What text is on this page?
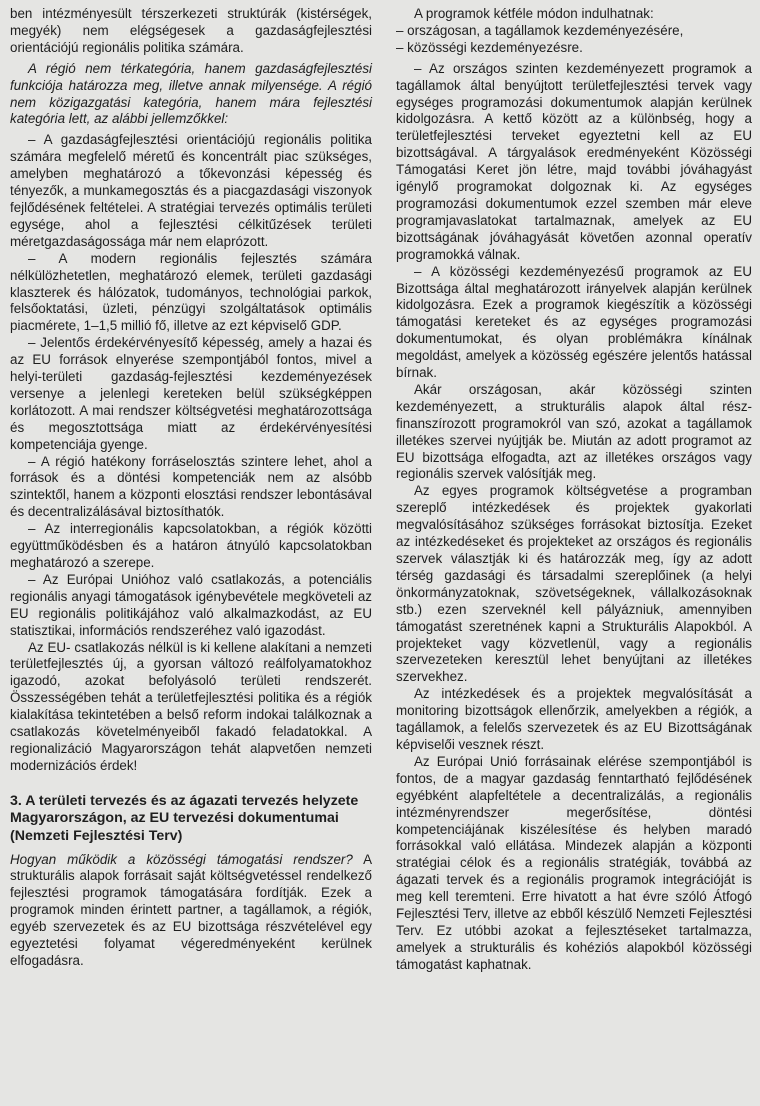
ben intézményesült térszerkezeti struktúrák (kistérségek, megyék) nem elégségesek a gazdaságfejlesztési orientációjú regionális politika számára.

A régió nem térkategória, hanem gazdaságfejlesztési funkciója határozza meg, illetve annak milyensége. A régió nem közigazgatási kategória, hanem mára fejlesztési kategória lett, az alábbi jellemzőkkel:

– A gazdaságfejlesztési orientációjú regionális politika számára megfelelő méretű és koncentrált piac szükséges, amelyben meghatározó a tőkevonzási képesség és tényezők, a munkamegosztás és a piacgazdasági viszonyok fejlődésének feltételei. A stratégiai tervezés optimális területi egysége, ahol a fejlesztési célkitűzések területi méretgazdaságossága már nem elaprózott.

– A modern regionális fejlesztés számára nélkülözhetetlen, meghatározó elemek, területi gazdasági klaszterek és hálózatok, tudományos, technológiai parkok, felsőoktatási, üzleti, pénzügyi szolgáltatások optimális piacmérete, 1–1,5 millió fő, illetve az ezt képviselő GDP.

– Jelentős érdekérvényesítő képesség, amely a hazai és az EU források elnyerése szempontjából fontos, mivel a helyi-területi gazdaság-fejlesztési kezdeményezések versenye a jelenlegi kereteken belül szükségképpen korlátozott. A mai rendszer költségvetési meghatározottsága és megosztottsága miatt az érdekérvényesítési kompetenciája gyenge.

– A régió hatékony forráselosztás szintere lehet, ahol a források és a döntési kompetenciák nem az alsóbb szintektől, hanem a központi elosztási rendszer lebontásával és decentralizálásával biztosíthatók.

– Az interregionális kapcsolatokban, a régiók közötti együttműködésben és a határon átnyúló kapcsolatokban meghatározó a szerepe.

– Az Európai Unióhoz való csatlakozás, a potenciális regionális anyagi támogatások igénybevétele megköveteli az EU regionális politikájához való alkalmazkodást, az EU statisztikai, információs rendszeréhez való igazodást.

Az EU- csatlakozás nélkül is ki kellene alakítani a nemzeti területfejlesztés új, a gyorsan változó reálfolyamatokhoz igazodó, azokat befolyásoló területi rendszerét. Összességében tehát a területfejlesztési politika és a régiók kialakítása tekintetében a belső reform indokai találkoznak a csatlakozás követelményeiből fakadó feladatokkal. A regionalizáció Magyarországon tehát alapvetően nemzeti modernizációs érdek!

3. A területi tervezés és az ágazati tervezés helyzete Magyarországon, az EU tervezési dokumentumai (Nemzeti Fejlesztési Terv)

Hogyan működik a közösségi támogatási rendszer? A strukturális alapok forrásait saját költségvetéssel rendelkező fejlesztési programok támogatására fordítják. Ezek a programok minden érintett partner, a tagállamok, a régiók, egyéb szervezetek és az EU bizottsága részvételével egy egyeztetési folyamat végeredményeként kerülnek elfogadásra.

A programok kétféle módon indulhatnak:

– országosan, a tagállamok kezdeményezésére,

– közösségi kezdeményezésre.

– Az országos szinten kezdeményezett programok a tagállamok által benyújtott területfejlesztési tervek vagy egységes programozási dokumentumok alapján kerülnek kidolgozásra. A kettő között az a különbség, hogy a területfejlesztési terveket egyeztetni kell az EU bizottságával. A tárgyalások eredményeként Közösségi Támogatási Keret jön létre, majd további jóváhagyást igénylő programokat dolgoznak ki. Az egységes programozási dokumentumok ezzel szemben már eleve programjavaslatokat tartalmaznak, amelyek az EU bizottságának jóváhagyását követően azonnal operatív programokká válnak.

– A közösségi kezdeményezésű programok az EU Bizottsága által meghatározott irányelvek alapján kerülnek kidolgozásra. Ezek a programok kiegészítik a közösségi támogatási kereteket és az egységes programozási dokumentumokat, és olyan problémákra kínálnak megoldást, amelyek a közösség egészére jelentős hatással bírnak.

Akár országosan, akár közösségi szinten kezdeményezett, a strukturális alapok által rész-finanszírozott programokról van szó, azokat a tagállamok illetékes szervei nyújtják be. Miután az adott programot az EU bizottsága elfogadta, azt az illetékes országos vagy regionális szervek valósítják meg.

Az egyes programok költségvetése a programban szereplő intézkedések és projektek gyakorlati megvalósításához szükséges forrásokat biztosítja. Ezeket az intézkedéseket és projekteket az országos és regionális szervek választják ki és határozzák meg, így az adott térség gazdasági és társadalmi szereplőinek (a helyi önkormányzatoknak, szövetségeknek, vállalkozásoknak stb.) ezen szerveknél kell pályázniuk, amennyiben támogatást szeretnének kapni a Strukturális Alapokból. A projekteket vagy közvetlenül, vagy a regionális szervezeteken keresztül lehet benyújtani az illetékes szervekhez.

Az intézkedések és a projektek megvalósítását a monitoring bizottságok ellenőrzik, amelyekben a régiók, a tagállamok, a felelős szervezetek és az EU Bizottságának képviselői vesznek részt.

Az Európai Unió forrásainak elérése szempontjából is fontos, de a magyar gazdaság fenntartható fejlődésének egyébként alapfeltétele a decentralizálás, a regionális intézményrendszer megerősítése, döntési kompetenciájának kiszélesítése és helyben maradó forrásokkal való ellátása. Mindezek alapján a központi stratégiai célok és a regionális stratégiák, továbbá az ágazati tervek és a regionális programok integrációját is meg kell teremteni. Erre hivatott a hat évre szóló Átfogó Fejlesztési Terv, illetve az ebből készülő Nemzeti Fejlesztési Terv. Ez utóbbi azokat a fejlesztéseket tartalmazza, amelyek a strukturális és kohéziós alapokból közösségi támogatást kaphatnak.
